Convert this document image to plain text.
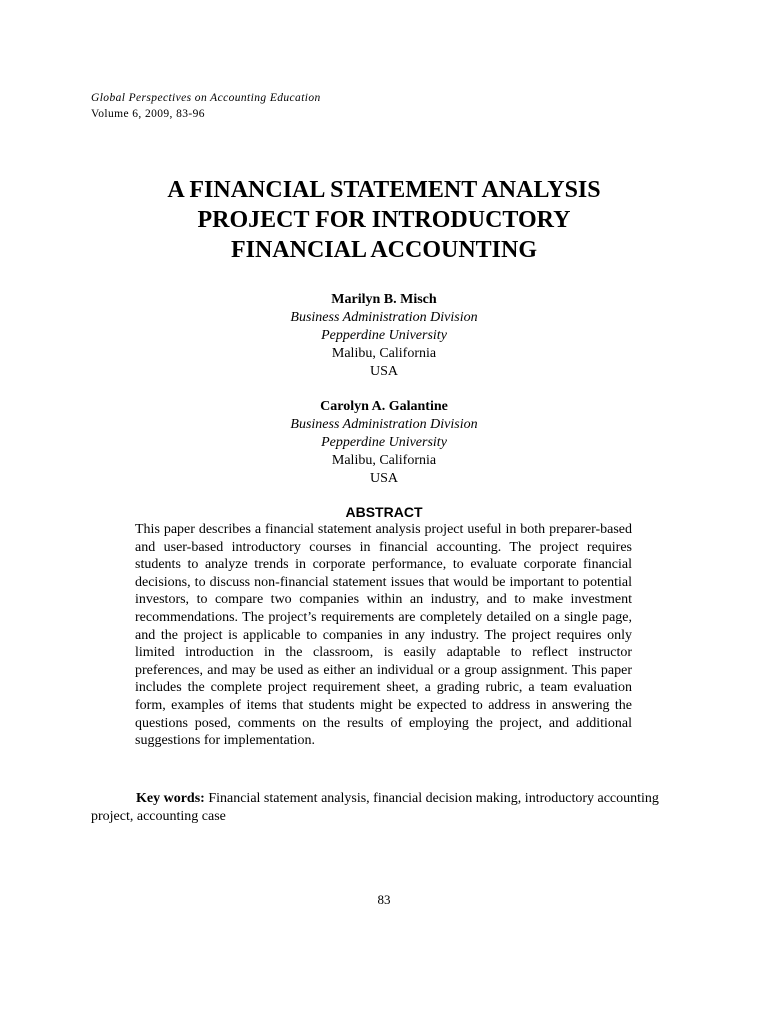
Global Perspectives on Accounting Education
Volume 6, 2009, 83-96
A FINANCIAL STATEMENT ANALYSIS
PROJECT FOR INTRODUCTORY
FINANCIAL ACCOUNTING
Marilyn B. Misch
Business Administration Division
Pepperdine University
Malibu, California
USA
Carolyn A. Galantine
Business Administration Division
Pepperdine University
Malibu, California
USA
ABSTRACT
This paper describes a financial statement analysis project useful in both preparer-based and user-based introductory courses in financial accounting. The project requires students to analyze trends in corporate performance, to evaluate corporate financial decisions, to discuss non-financial statement issues that would be important to potential investors, to compare two companies within an industry, and to make investment recommendations. The project’s requirements are completely detailed on a single page, and the project is applicable to companies in any industry. The project requires only limited introduction in the classroom, is easily adaptable to reflect instructor preferences, and may be used as either an individual or a group assignment. This paper includes the complete project requirement sheet, a grading rubric, a team evaluation form, examples of items that students might be expected to address in answering the questions posed, comments on the results of employing the project, and additional suggestions for implementation.
Key words: Financial statement analysis, financial decision making, introductory accounting project, accounting case
83
